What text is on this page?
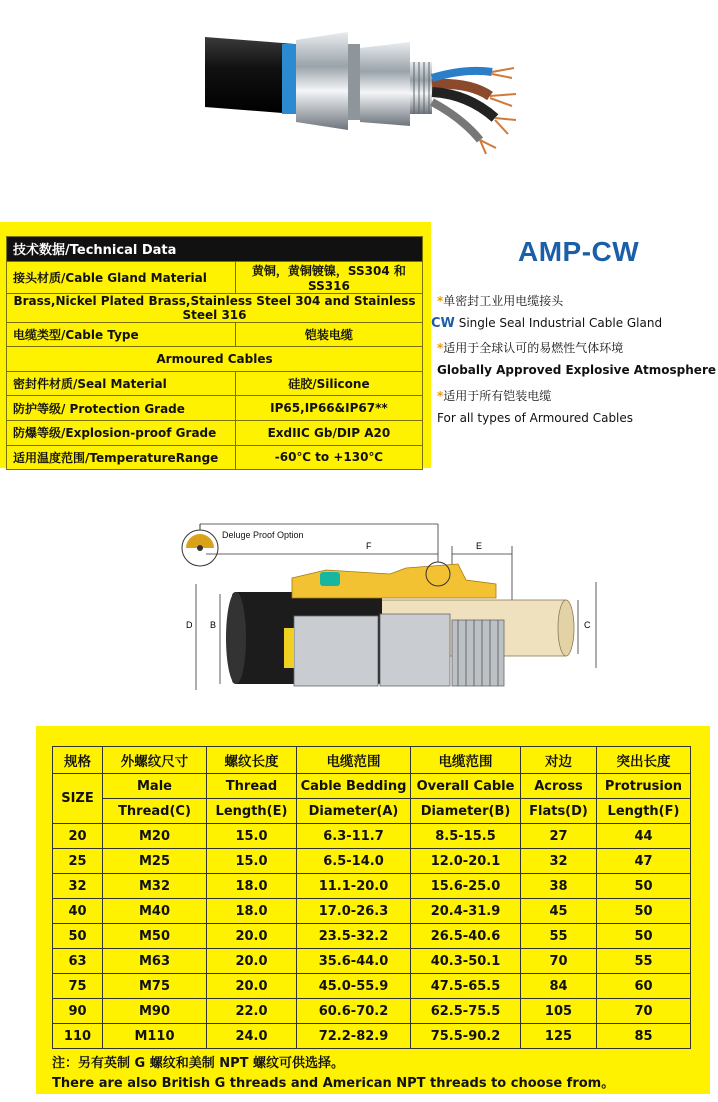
技术数据/Technical Data	
接头材质/Cable Gland Material	黄铜，黄铜镀镍，SS304 和 SS316
Brass,Nickel Plated Brass,Stainless Steel 304 and Stainless Steel 316	
电缆类型/Cable Type	铠装电缆
Armoured Cables	
密封件材质/Seal Material	硅胶/Silicone
防护等级/ Protection Grade	IP65,IP66&IP67**
防爆等级/Explosion-proof Grade	ExdIIC Gb/DIP A20
适用温度范围/TemperatureRange	-60℃ to +130℃
AMP-CW
*单密封工业用电缆接头
CW Single Seal Industrial Cable Gland
*适用于全球认可的易燃性气体环境
Globally Approved Explosive Atmosphere
*适用于所有铠装电缆
For all types of Armoured Cables
Deluge Proof Option
F	E
D B	C
规格	外螺纹尺寸	螺纹长度	电缆范围	电缆范围	对边	突出长度
SIZE	Male	Thread	Cable Bedding	Overall Cable	Across	Protrusion
	Thread(C)	Length(E)	Diameter(A)	Diameter(B)	Flats(D)	Length(F)
20	M20	15.0	6.3-11.7	8.5-15.5	27	44
25	M25	15.0	6.5-14.0	12.0-20.1	32	47
32	M32	18.0	11.1-20.0	15.6-25.0	38	50
40	M40	18.0	17.0-26.3	20.4-31.9	45	50
50	M50	20.0	23.5-32.2	26.5-40.6	55	50
63	M63	20.0	35.6-44.0	40.3-50.1	70	55
75	M75	20.0	45.0-55.9	47.5-65.5	84	60
90	M90	22.0	60.6-70.2	62.5-75.5	105	70
110	M110	24.0	72.2-82.9	75.5-90.2	125	85
注：另有英制 G 螺纹和美制 NPT 螺纹可供选择。
There are also British G threads and American NPT threads to choose from。
